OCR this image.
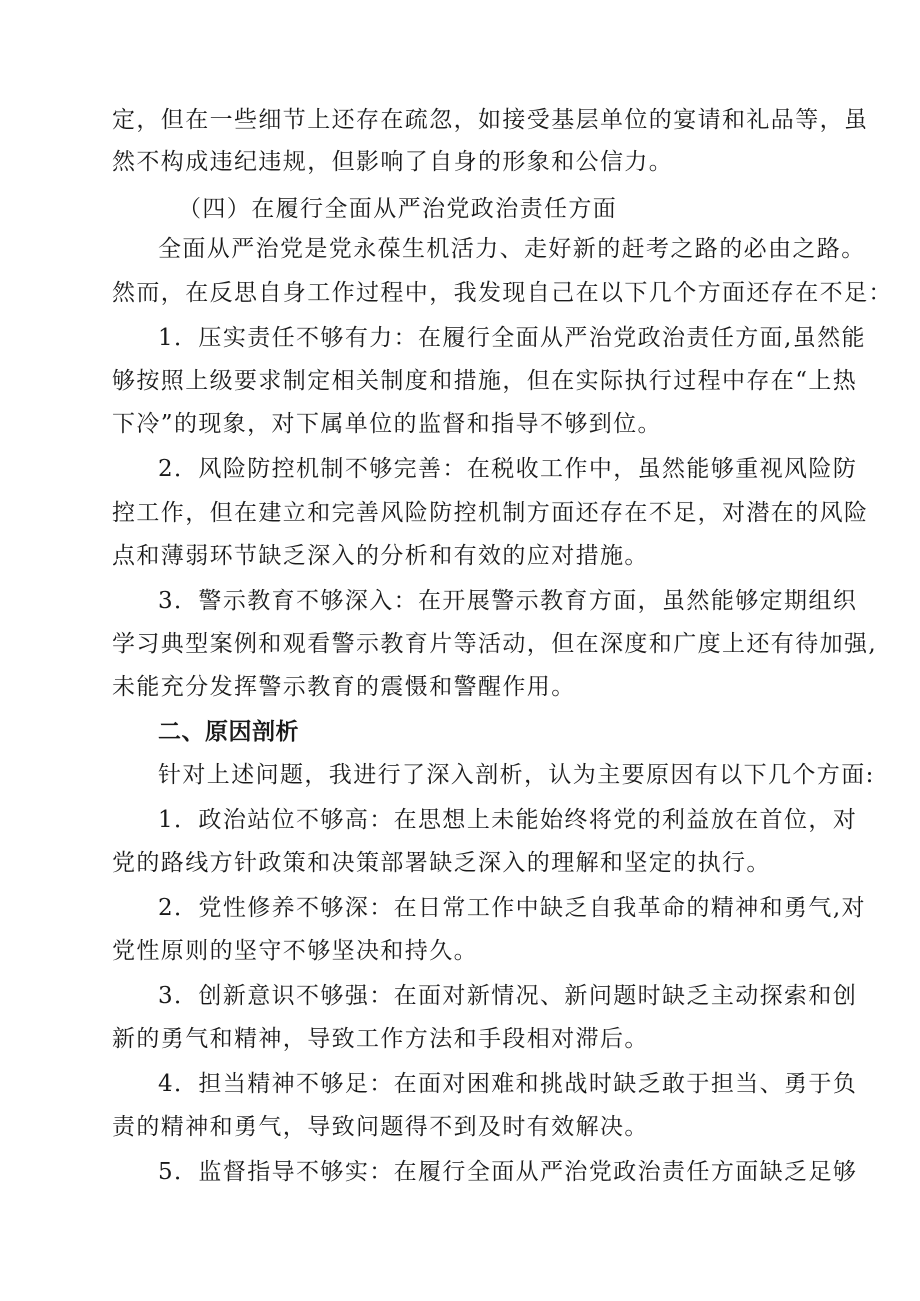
定，但在一些细节上还存在疏忽，如接受基层单位的宴请和礼品等，虽
然不构成违纪违规，但影响了自身的形象和公信力。
（四）在履行全面从严治党政治责任方面
全面从严治党是党永葆生机活力、走好新的赶考之路的必由之路。
然而，在反思自身工作过程中，我发现自己在以下几个方面还存在不足：
1．压实责任不够有力：在履行全面从严治党政治责任方面,虽然能
够按照上级要求制定相关制度和措施，但在实际执行过程中存在“上热
下冷”的现象，对下属单位的监督和指导不够到位。
2．风险防控机制不够完善：在税收工作中，虽然能够重视风险防
控工作，但在建立和完善风险防控机制方面还存在不足，对潜在的风险
点和薄弱环节缺乏深入的分析和有效的应对措施。
3．警示教育不够深入：在开展警示教育方面，虽然能够定期组织
学习典型案例和观看警示教育片等活动，但在深度和广度上还有待加强,
未能充分发挥警示教育的震慑和警醒作用。
二、原因剖析
针对上述问题，我进行了深入剖析，认为主要原因有以下几个方面:
1．政治站位不够高：在思想上未能始终将党的利益放在首位，对
党的路线方针政策和决策部署缺乏深入的理解和坚定的执行。
2．党性修养不够深：在日常工作中缺乏自我革命的精神和勇气,对
党性原则的坚守不够坚决和持久。
3．创新意识不够强：在面对新情况、新问题时缺乏主动探索和创
新的勇气和精神，导致工作方法和手段相对滞后。
4．担当精神不够足：在面对困难和挑战时缺乏敢于担当、勇于负
责的精神和勇气，导致问题得不到及时有效解决。
5．监督指导不够实：在履行全面从严治党政治责任方面缺乏足够
